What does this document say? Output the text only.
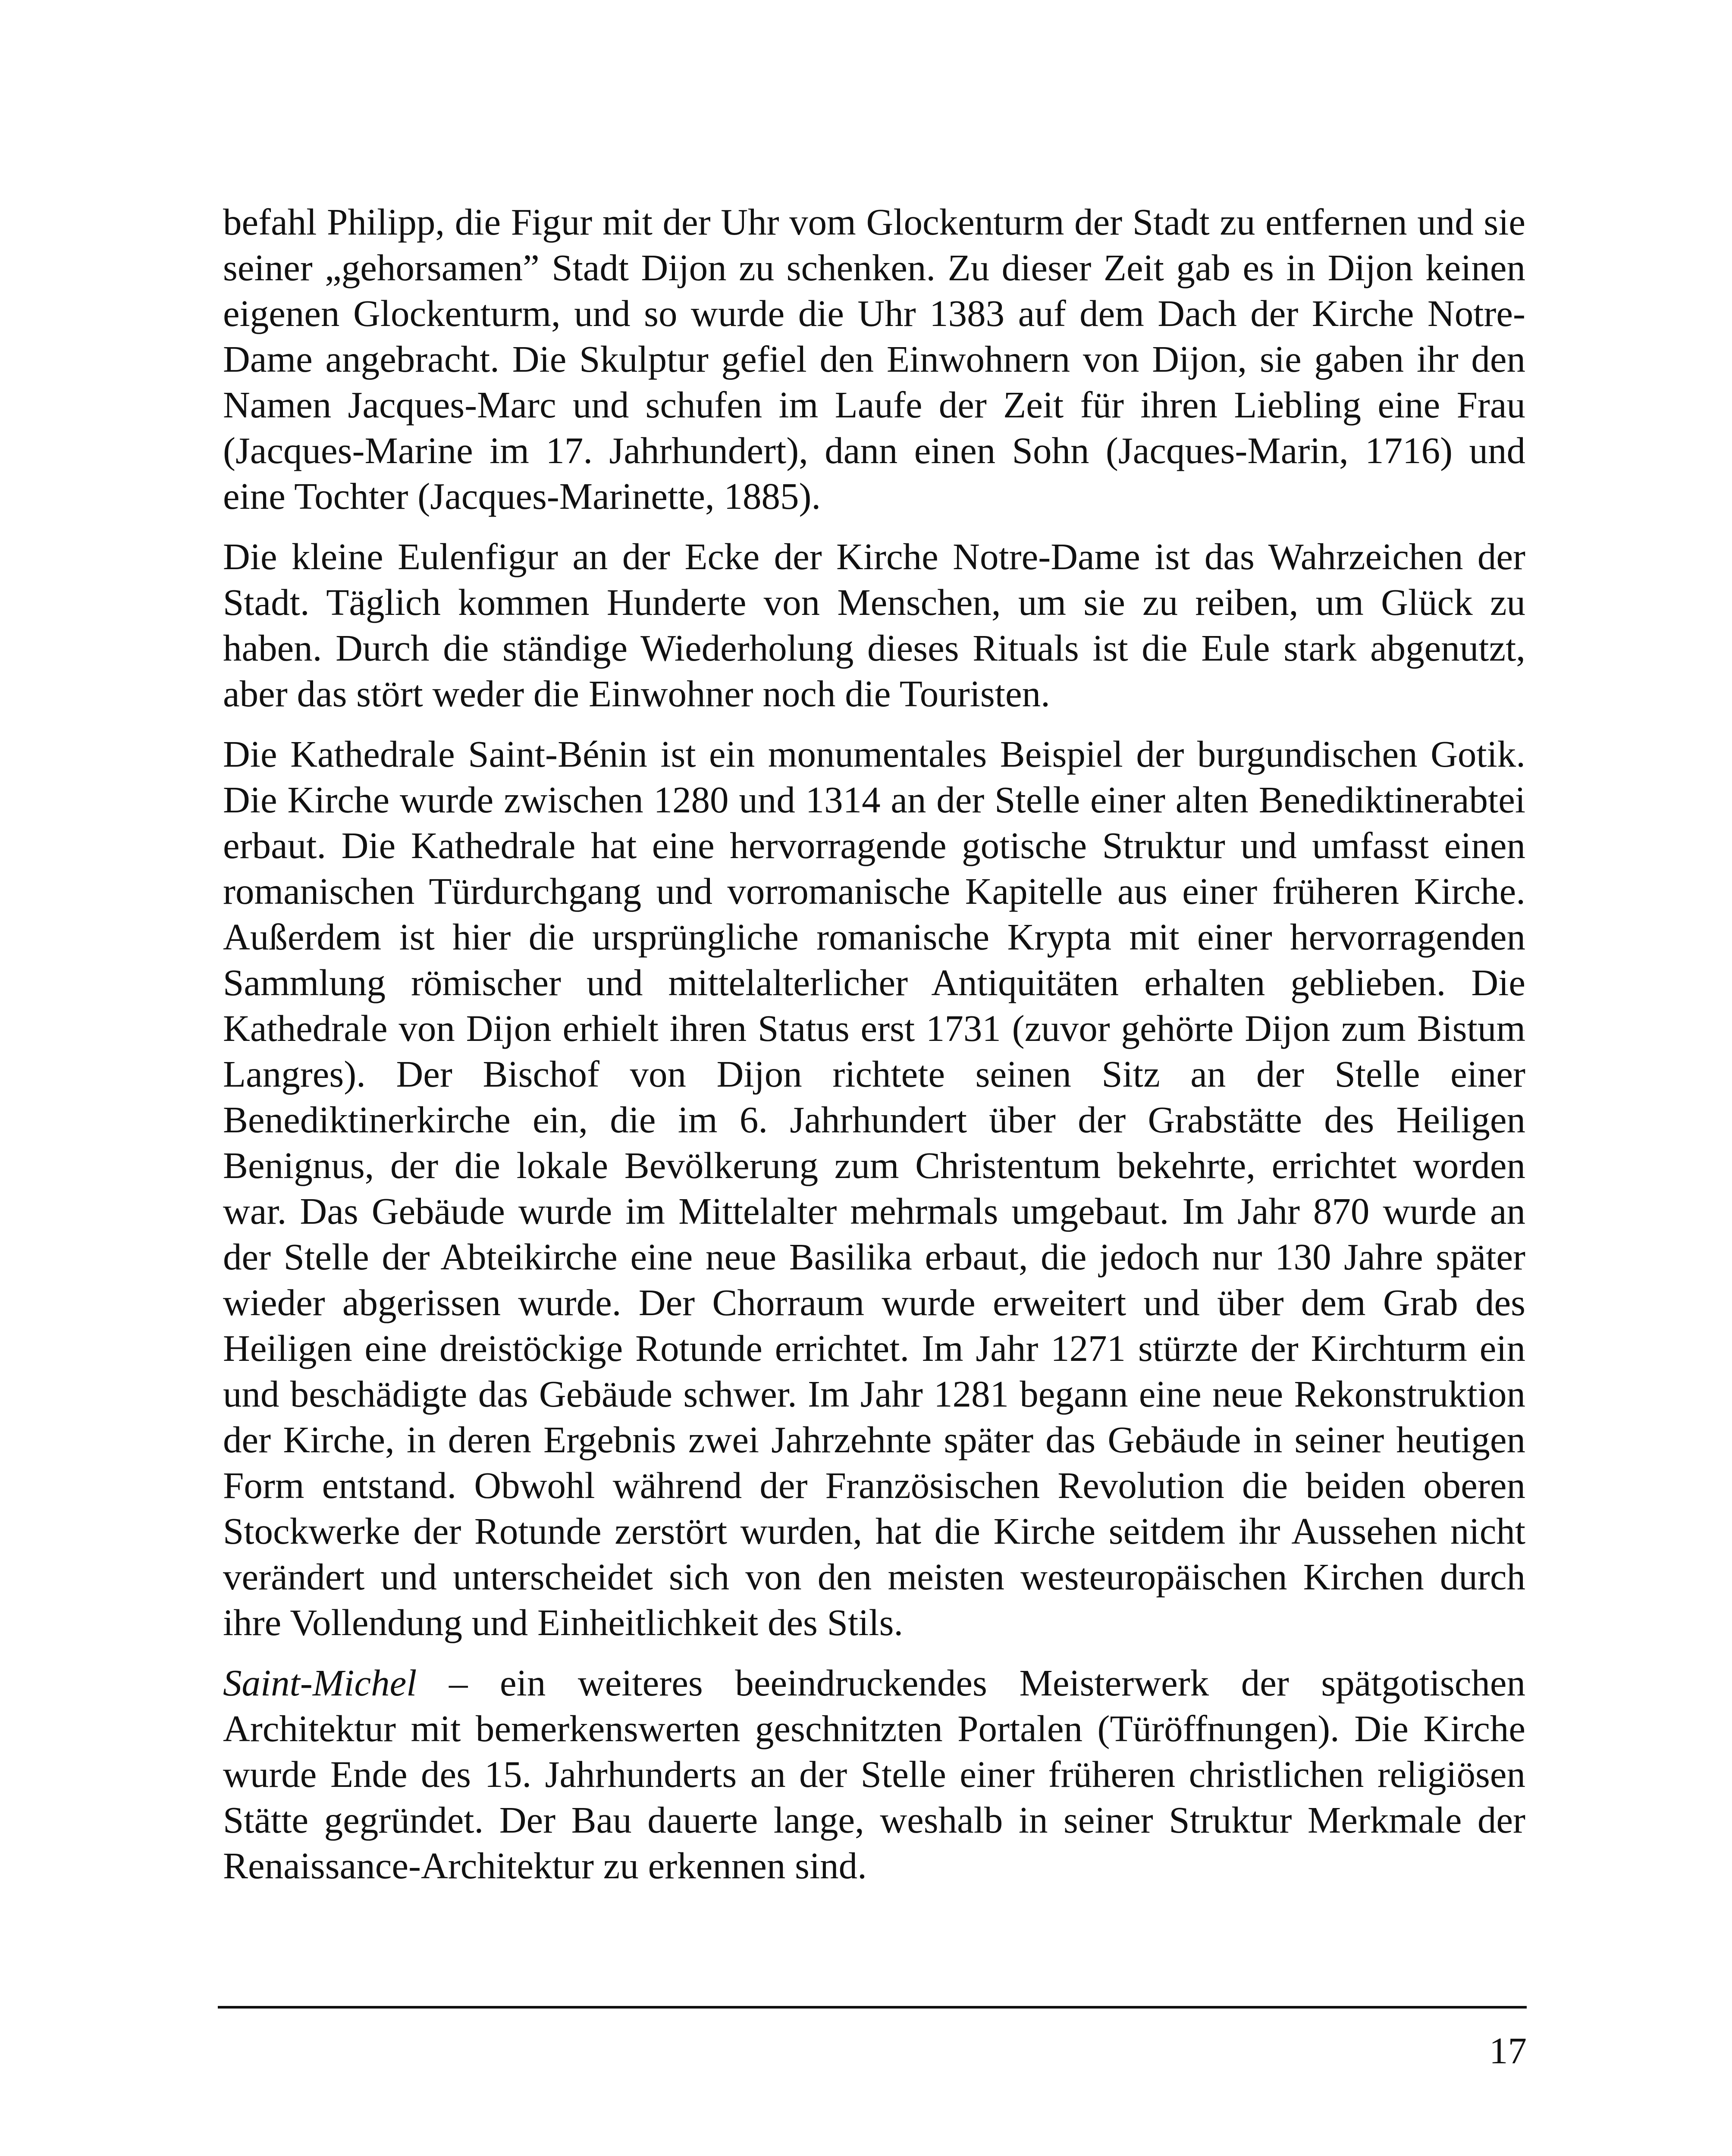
befahl Philipp, die Figur mit der Uhr vom Glockenturm der Stadt zu entfernen und sie seiner „gehorsamen” Stadt Dijon zu schenken. Zu dieser Zeit gab es in Dijon keinen eigenen Glockenturm, und so wurde die Uhr 1383 auf dem Dach der Kirche Notre-Dame angebracht. Die Skulptur gefiel den Einwohnern von Dijon, sie gaben ihr den Namen Jacques-Marc und schufen im Laufe der Zeit für ihren Liebling eine Frau (Jacques-Marine im 17. Jahrhundert), dann einen Sohn (Jacques-Marin, 1716) und eine Tochter (Jacques-Marinette, 1885).

Die kleine Eulenfigur an der Ecke der Kirche Notre-Dame ist das Wahrzeichen der Stadt. Täglich kommen Hunderte von Menschen, um sie zu reiben, um Glück zu haben. Durch die ständige Wiederholung dieses Rituals ist die Eule stark abgenutzt, aber das stört weder die Einwohner noch die Touristen.

Die Kathedrale Saint-Bénin ist ein monumentales Beispiel der burgundischen Gotik. Die Kirche wurde zwischen 1280 und 1314 an der Stelle einer alten Benediktinerabtei erbaut. Die Kathedrale hat eine hervorragende gotische Struktur und umfasst einen romanischen Türdurchgang und vorromanische Kapitelle aus einer früheren Kirche. Außerdem ist hier die ursprüngliche romanische Krypta mit einer hervorragenden Sammlung römischer und mittelalterlicher Antiquitäten erhalten geblieben. Die Kathedrale von Dijon erhielt ihren Status erst 1731 (zuvor gehörte Dijon zum Bistum Langres). Der Bischof von Dijon richtete seinen Sitz an der Stelle einer Benediktinerkirche ein, die im 6. Jahrhundert über der Grabstätte des Heiligen Benignus, der die lokale Bevölkerung zum Christentum bekehrte, errichtet worden war. Das Gebäude wurde im Mittelalter mehrmals umgebaut. Im Jahr 870 wurde an der Stelle der Abteikirche eine neue Basilika erbaut, die jedoch nur 130 Jahre später wieder abgerissen wurde. Der Chorraum wurde erweitert und über dem Grab des Heiligen eine dreistöckige Rotunde errichtet. Im Jahr 1271 stürzte der Kirchturm ein und beschädigte das Gebäude schwer. Im Jahr 1281 begann eine neue Rekonstruktion der Kirche, in deren Ergebnis zwei Jahrzehnte später das Gebäude in seiner heutigen Form entstand. Obwohl während der Französischen Revolution die beiden oberen Stockwerke der Rotunde zerstört wurden, hat die Kirche seitdem ihr Aussehen nicht verändert und unterscheidet sich von den meisten westeuropäischen Kirchen durch ihre Vollendung und Einheitlichkeit des Stils.

Saint-Michel – ein weiteres beeindruckendes Meisterwerk der spätgotischen Architektur mit bemerkenswerten geschnitzten Portalen (Türöffnungen). Die Kirche wurde Ende des 15. Jahrhunderts an der Stelle einer früheren christlichen religiösen Stätte gegründet. Der Bau dauerte lange, weshalb in seiner Struktur Merkmale der Renaissance-Architektur zu erkennen sind.

17
